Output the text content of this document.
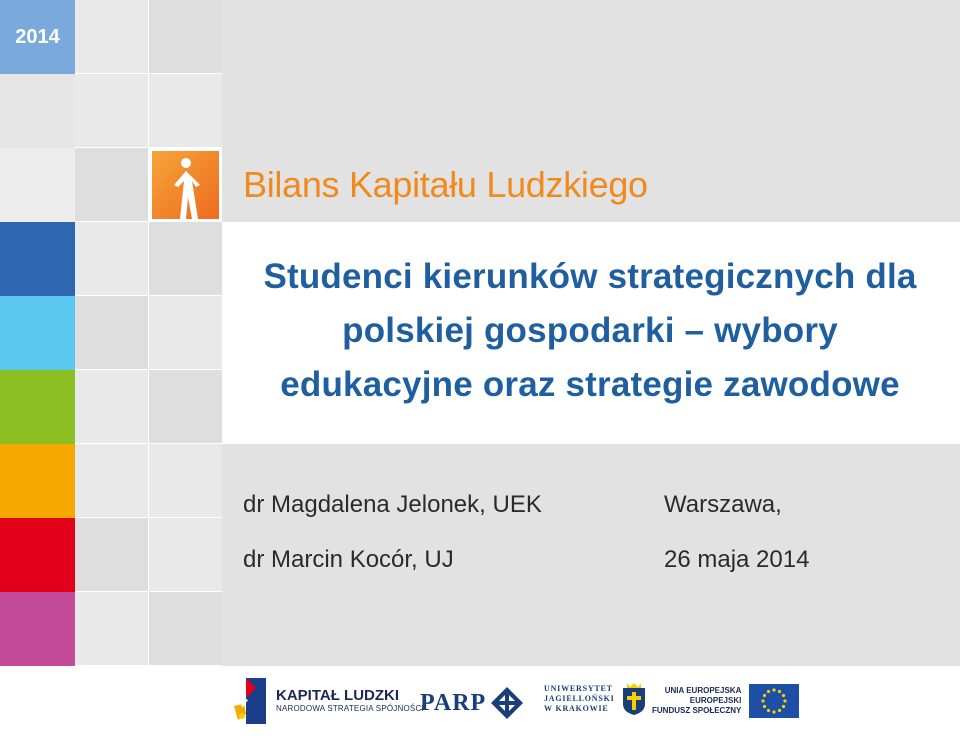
2014
Bilans Kapitału Ludzkiego
Studenci kierunków strategicznych dla
polskiej gospodarki – wybory
edukacyjne oraz strategie zawodowe
dr Magdalena Jelonek, UEK
dr Marcin Kocór, UJ
Warszawa,
26 maja 2014
KAPITAŁ LUDZKI
NARODOWA STRATEGIA SPÓJNOŚCI
PARP
UNIWERSYTET
JAGIELLOŃSKI
W KRAKOWIE
UNIA EUROPEJSKA
EUROPEJSKI
FUNDUSZ SPOŁECZNY
